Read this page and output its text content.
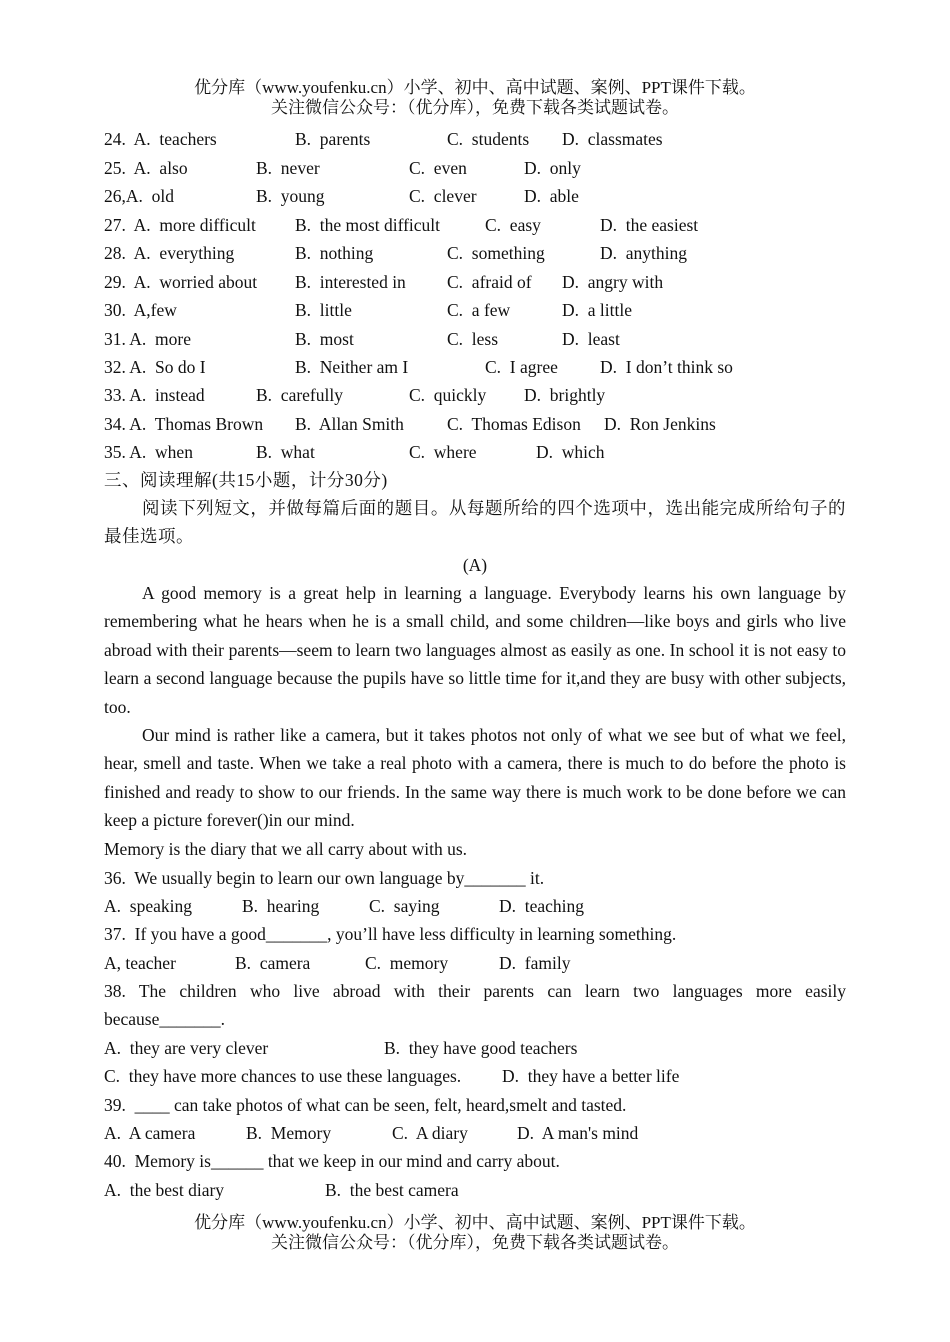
优分库（www.youfenku.cn）小学、初中、高中试题、案例、PPT课件下载。
关注微信公众号：（优分库），免费下载各类试题试卷。

24.  A.  teachers

	B.  parents

	C.  students

D.  classmates

25.  A.  also

	B.  never

	C.  even

	D.  only

26,A.  old

	B.  young

	C.  clever

	D.  able

27.  A.  more difficult

B.  the most difficult

	C.  easy

	D.  the easiest

28.  A.  everything

	B.  nothing

	C.  something

	D.  anything

29.  A.  worried about

B.  interested in

C.  afraid of

D.  angry with

30.  A,few

	B.  little

	C.  a few

	D.  a little

31. A.  more

	B.  most

	C.  less

	D.  least

32. A.  So do I

	B.  Neither am I

	C.  I agree

D.  I don’t think so

33. A.  instead

	B.  carefully

	C.  quickly

D.  brightly

34. A.  Thomas Brown

B.  Allan Smith

C.  Thomas Edison

D.  Ron Jenkins

35. A.  when

	B.  what

	C.  where

	D.  which

三、阅读理解(共15小题，计分30分)

阅读下列短文，并做每篇后面的题目。从每题所给的四个选项中，选出能完成所给句子的最佳选项。

(A)

A good memory is a great help in learning a language. Everybody learns his own language by remembering what he hears when he is a small child, and some children—like boys and girls who live abroad with their parents—seem to learn two languages almost as easily as one. In school it is not easy to learn a second language because the pupils have so little time for it,and they are busy with other subjects, too.

Our mind is rather like a camera, but it takes photos not only of what we see but of what we feel, hear, smell and taste. When we take a real photo with a camera, there is much to do before the photo is finished and ready to show to our friends. In the same way there is much work to be done before we can keep a picture forever()in our mind.

Memory is the diary that we all carry about with us.

36.  We usually begin to learn our own language by_______ it.

A.  speaking

	B.  hearing

	C.  saying

	D.  teaching

37.  If you have a good_______, you’ll have less difficulty in learning something.

A, teacher

	B.  camera

	C.  memory

	D.  family

38. The children who live abroad with their parents can learn two languages more easily because_______.

A.  they are very clever

	B.  they have good teachers

C.  they have more chances to use these languages.

D.  they have a better life

39.  ____ can take photos of what can be seen, felt, heard,smelt and tasted.

A.  A camera

	B.  Memory

	C.  A diary

	D.  A man's mind

40.  Memory is______ that we keep in our mind and carry about.

A.  the best diary

	B.  the best camera

优分库（www.youfenku.cn）小学、初中、高中试题、案例、PPT课件下载。
关注微信公众号：（优分库），免费下载各类试题试卷。
